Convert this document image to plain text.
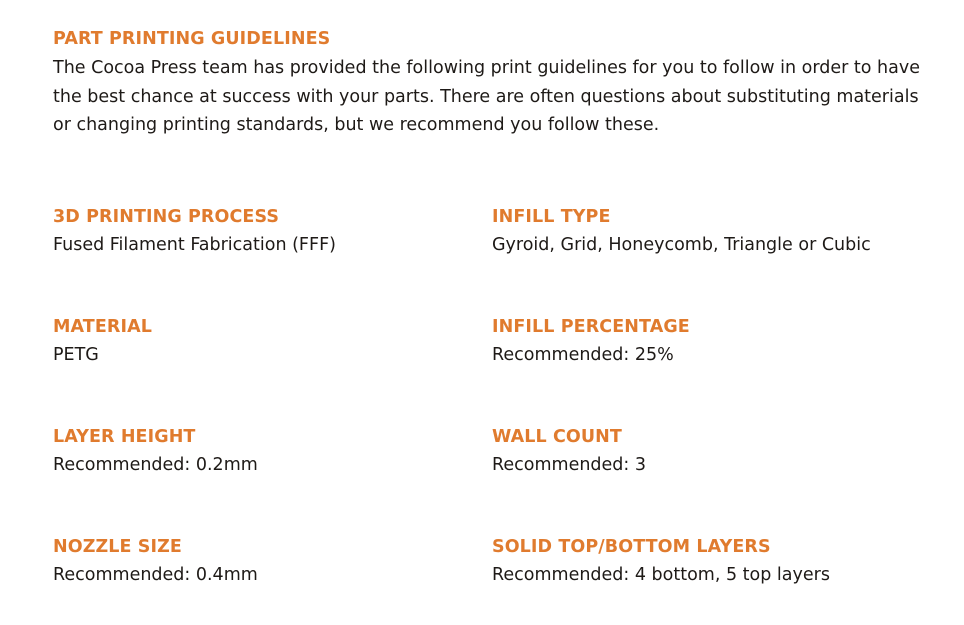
PART PRINTING GUIDELINES

The Cocoa Press team has provided the following print guidelines for you to follow in order to have the best chance at success with your parts. There are often questions about substituting materials or changing printing standards, but we recommend you follow these.

3D PRINTING PROCESS

Fused Filament Fabrication (FFF)

INFILL TYPE

Gyroid, Grid, Honeycomb, Triangle or Cubic

MATERIAL

PETG

INFILL PERCENTAGE

Recommended: 25%

LAYER HEIGHT

Recommended: 0.2mm

WALL COUNT

Recommended: 3

NOZZLE SIZE

Recommended: 0.4mm

SOLID TOP/BOTTOM LAYERS

Recommended: 4 bottom, 5 top layers
